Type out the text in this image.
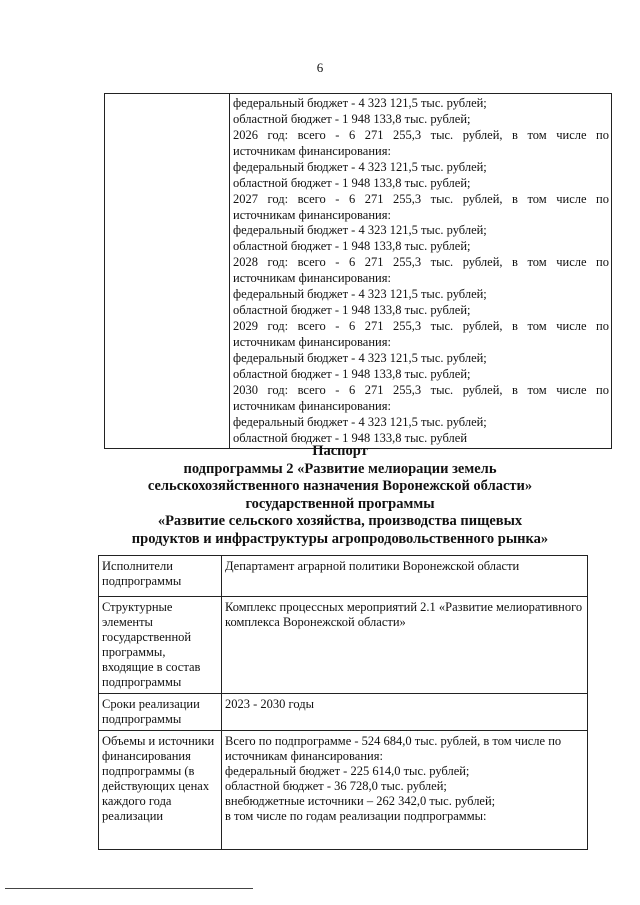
6

федеральный бюджет - 4 323 121,5 тыс. рублей;
областной бюджет - 1 948 133,8 тыс. рублей;
2026 год: всего - 6 271 255,3 тыс. рублей, в том числе по
источникам финансирования:
федеральный бюджет - 4 323 121,5 тыс. рублей;
областной бюджет - 1 948 133,8 тыс. рублей;
2027 год: всего - 6 271 255,3 тыс. рублей, в том числе по
источникам финансирования:
федеральный бюджет - 4 323 121,5 тыс. рублей;
областной бюджет - 1 948 133,8 тыс. рублей;
2028 год: всего - 6 271 255,3 тыс. рублей, в том числе по
источникам финансирования:
федеральный бюджет - 4 323 121,5 тыс. рублей;
областной бюджет - 1 948 133,8 тыс. рублей;
2029 год: всего - 6 271 255,3 тыс. рублей, в том числе по
источникам финансирования:
федеральный бюджет - 4 323 121,5 тыс. рублей;
областной бюджет - 1 948 133,8 тыс. рублей;
2030 год: всего - 6 271 255,3 тыс. рублей, в том числе по
источникам финансирования:
федеральный бюджет - 4 323 121,5 тыс. рублей;
областной бюджет - 1 948 133,8 тыс. рублей
Паспорт
подпрограммы 2 «Развитие мелиорации земель
сельскохозяйственного назначения Воронежской области»
государственной программы
«Развитие сельского хозяйства, производства пищевых
продуктов и инфраструктуры агропродовольственного рынка»
Исполнители подпрограммы	Департамент аграрной политики Воронежской области
Структурные элементы государственной программы, входящие в состав подпрограммы	Комплекс процессных мероприятий 2.1 «Развитие мелиоративного комплекса Воронежской области»
Сроки реализации подпрограммы	2023 - 2030 годы
Объемы и источники финансирования подпрограммы (в действующих ценах каждого года реализации	Всего по подпрограмме - 524 684,0 тыс. рублей, в том числе по источникам финансирования:
федеральный бюджет - 225 614,0 тыс. рублей;
областной бюджет - 36 728,0 тыс. рублей;
внебюджетные источники – 262 342,0 тыс. рублей;
в том числе по годам реализации подпрограммы:
